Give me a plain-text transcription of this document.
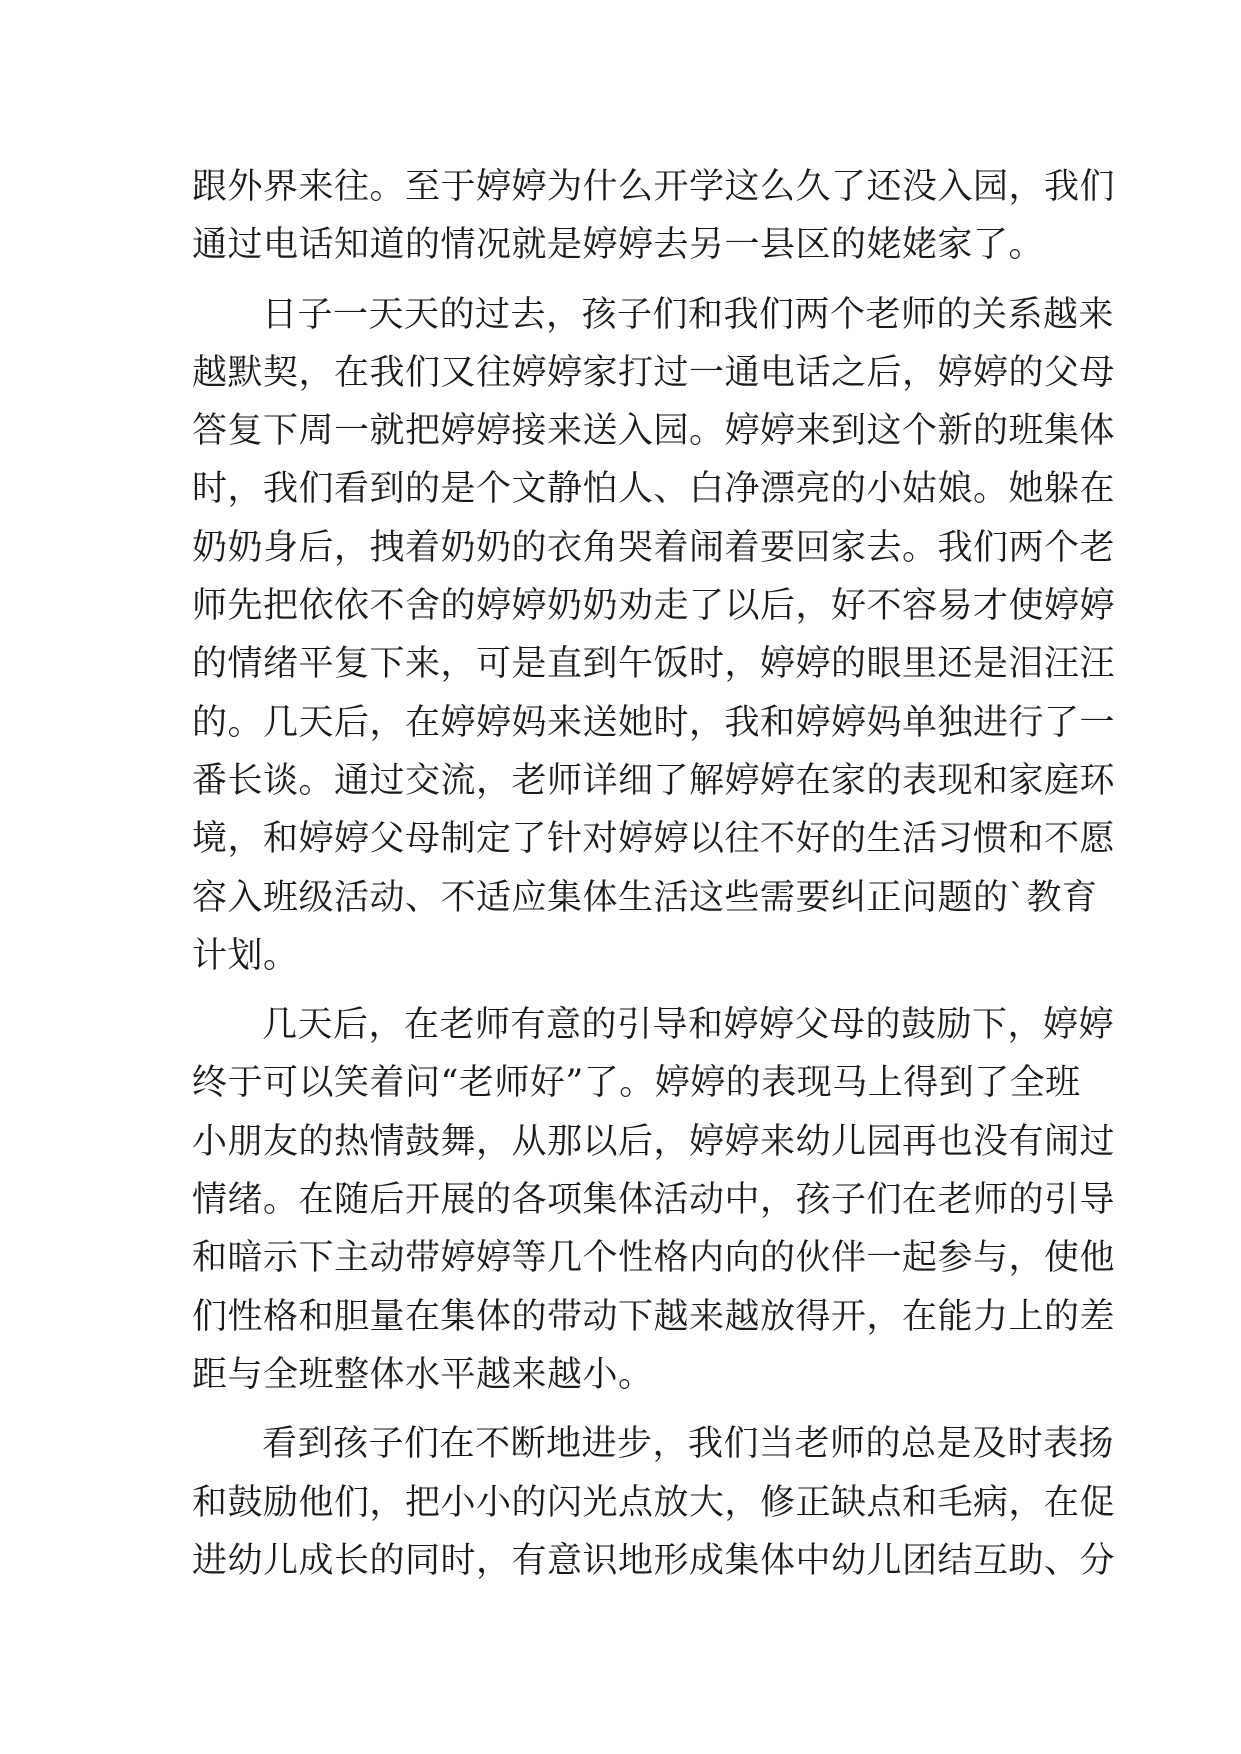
跟外界来往。至于婷婷为什么开学这么久了还没入园，我们
通过电话知道的情况就是婷婷去另一县区的姥姥家了。
日子一天天的过去，孩子们和我们两个老师的关系越来
越默契，在我们又往婷婷家打过一通电话之后，婷婷的父母
答复下周一就把婷婷接来送入园。婷婷来到这个新的班集体
时，我们看到的是个文静怕人、白净漂亮的小姑娘。她躲在
奶奶身后，拽着奶奶的衣角哭着闹着要回家去。我们两个老
师先把依依不舍的婷婷奶奶劝走了以后，好不容易才使婷婷
的情绪平复下来，可是直到午饭时，婷婷的眼里还是泪汪汪
的。几天后，在婷婷妈来送她时，我和婷婷妈单独进行了一
番长谈。通过交流，老师详细了解婷婷在家的表现和家庭环
境，和婷婷父母制定了针对婷婷以往不好的生活习惯和不愿
容入班级活动、不适应集体生活这些需要纠正问题的`教育
计划。
几天后，在老师有意的引导和婷婷父母的鼓励下，婷婷
终于可以笑着问“老师好”了。婷婷的表现马上得到了全班
小朋友的热情鼓舞，从那以后，婷婷来幼儿园再也没有闹过
情绪。在随后开展的各项集体活动中，孩子们在老师的引导
和暗示下主动带婷婷等几个性格内向的伙伴一起参与，使他
们性格和胆量在集体的带动下越来越放得开，在能力上的差
距与全班整体水平越来越小。
看到孩子们在不断地进步，我们当老师的总是及时表扬
和鼓励他们，把小小的闪光点放大，修正缺点和毛病，在促
进幼儿成长的同时，有意识地形成集体中幼儿团结互助、分
